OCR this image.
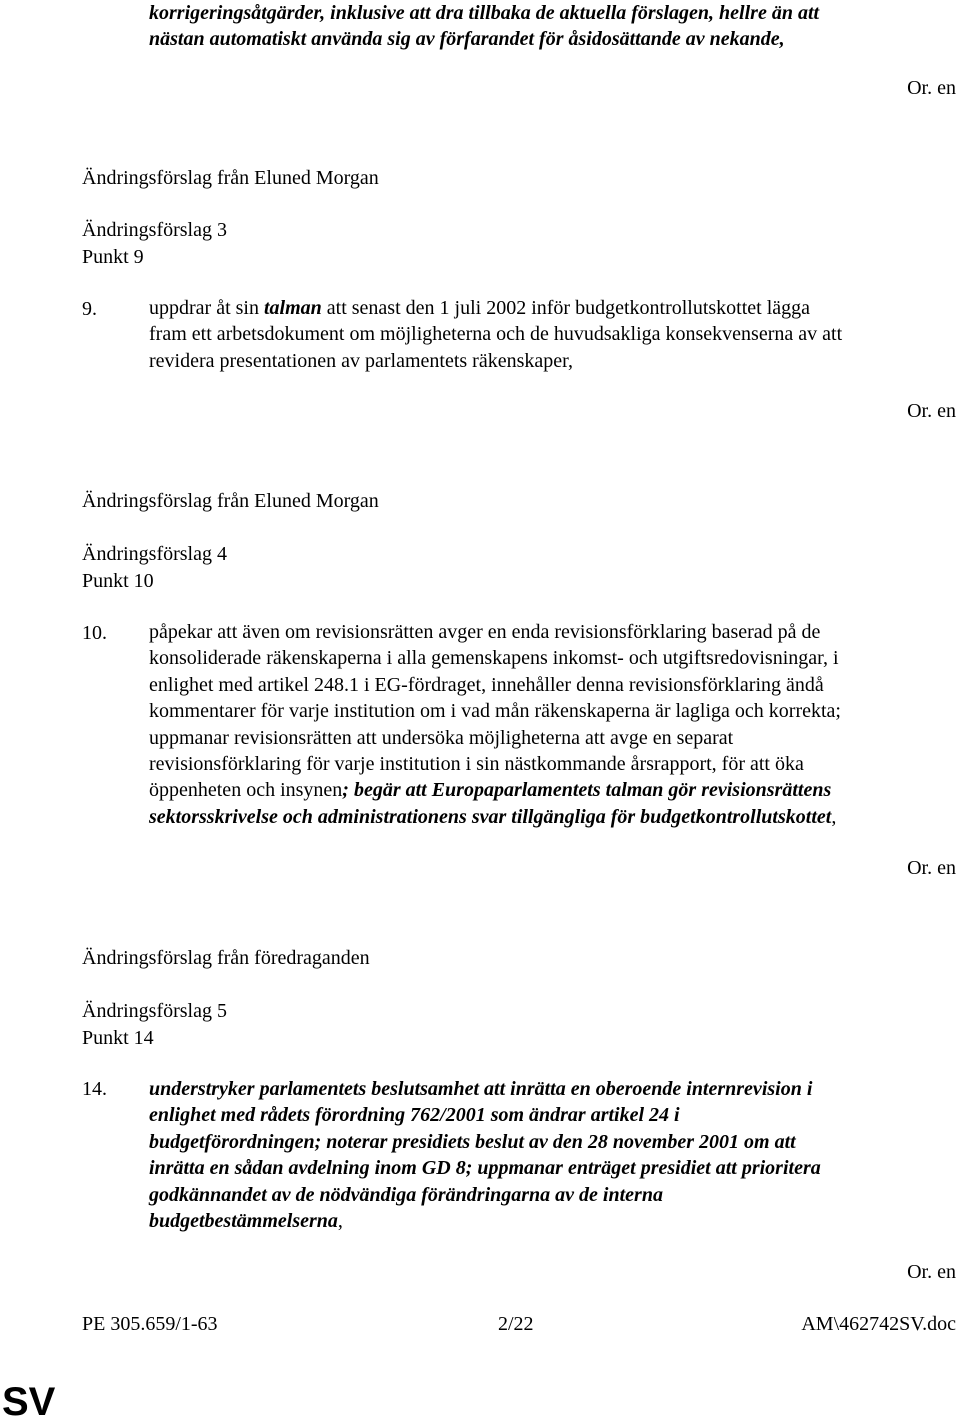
korrigeringsåtgärder, inklusive att dra tillbaka de aktuella förslagen, hellre än att
nästan automatiskt använda sig av förfarandet för åsidosättande av nekande,
Or. en
Ändringsförslag från Eluned Morgan
Ändringsförslag 3
Punkt 9
9.	uppdrar åt sin talman att senast den 1 juli 2002 inför budgetkontrollutskottet lägga
fram ett arbetsdokument om möjligheterna och de huvudsakliga konsekvenserna av att
revidera presentationen av parlamentets räkenskaper,
Or. en
Ändringsförslag från Eluned Morgan
Ändringsförslag 4
Punkt 10
10. påpekar att även om revisionsrätten avger en enda revisionsförklaring baserad på de
konsoliderade räkenskaperna i alla gemenskapens inkomst- och utgiftsredovisningar, i
enlighet med artikel 248.1 i EG-fördraget, innehåller denna revisionsförklaring ändå
kommentarer för varje institution om i vad mån räkenskaperna är lagliga och korrekta;
uppmanar revisionsrätten att undersöka möjligheterna att avge en separat
revisionsförklaring för varje institution i sin nästkommande årsrapport, för att öka
öppenheten och insynen; begär att Europaparlamentets talman gör revisionsrättens
sektorsskrivelse och administrationens svar tillgängliga för budgetkontrollutskottet,
Or. en
Ändringsförslag från föredraganden
Ändringsförslag 5
Punkt 14
14. understryker parlamentets beslutsamhet att inrätta en oberoende internrevision i
enlighet med rådets förordning 762/2001 som ändrar artikel 24 i
budgetförordningen; noterar presidiets beslut av den 28 november 2001 om att
inrätta en sådan avdelning inom GD 8; uppmanar enträget presidiet att prioritera
godkännandet av de nödvändiga förändringarna av de interna
budgetbestämmelserna,
Or. en
PE 305.659/1-63	2/22	AM\462742SV.doc
SV
